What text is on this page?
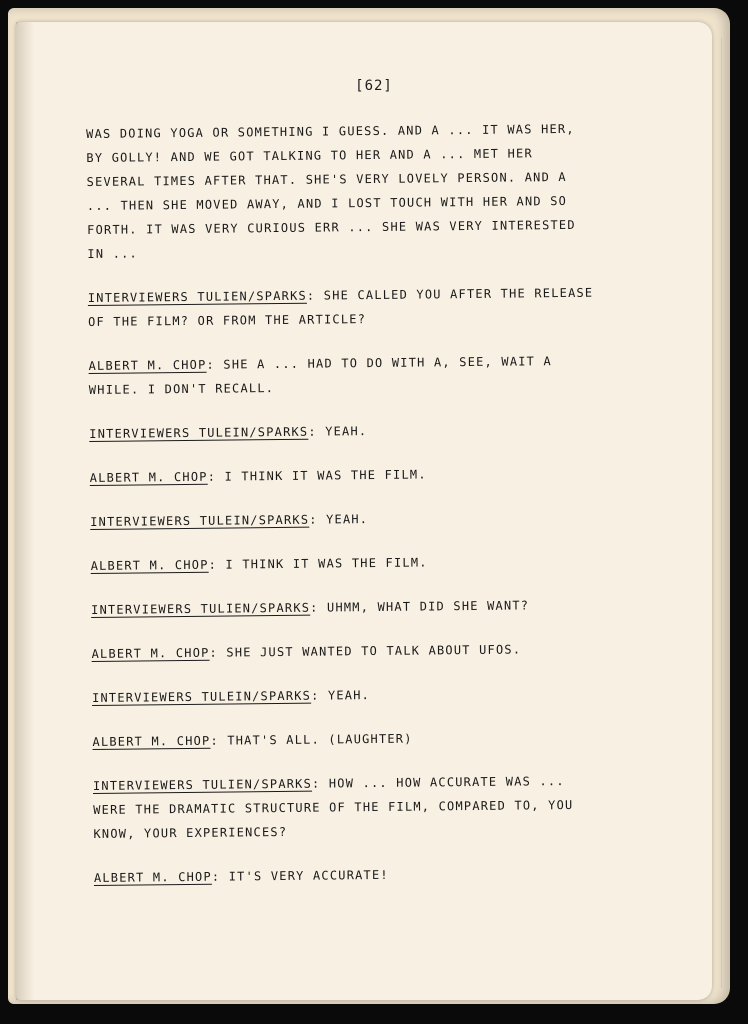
[62]

WAS DOING YOGA OR SOMETHING I GUESS. AND A ... IT WAS HER, BY GOLLY! AND WE GOT TALKING TO HER AND A ... MET HER SEVERAL TIMES AFTER THAT. SHE'S VERY LOVELY PERSON. AND A ... THEN SHE MOVED AWAY, AND I LOST TOUCH WITH HER AND SO FORTH. IT WAS VERY CURIOUS ERR ... SHE WAS VERY INTERESTED IN ...

INTERVIEWERS TULIEN/SPARKS: SHE CALLED YOU AFTER THE RELEASE OF THE FILM? OR FROM THE ARTICLE?

ALBERT M. CHOP: SHE A ... HAD TO DO WITH A, SEE, WAIT A WHILE. I DON'T RECALL.

INTERVIEWERS TULEIN/SPARKS: YEAH.

ALBERT M. CHOP: I THINK IT WAS THE FILM.

INTERVIEWERS TULEIN/SPARKS: YEAH.

ALBERT M. CHOP: I THINK IT WAS THE FILM.

INTERVIEWERS TULIEN/SPARKS: UHMM, WHAT DID SHE WANT?

ALBERT M. CHOP: SHE JUST WANTED TO TALK ABOUT UFOS.

INTERVIEWERS TULEIN/SPARKS: YEAH.

ALBERT M. CHOP: THAT'S ALL. (LAUGHTER)

INTERVIEWERS TULIEN/SPARKS: HOW ... HOW ACCURATE WAS ... WERE THE DRAMATIC STRUCTURE OF THE FILM, COMPARED TO, YOU KNOW, YOUR EXPERIENCES?

ALBERT M. CHOP: IT'S VERY ACCURATE!
